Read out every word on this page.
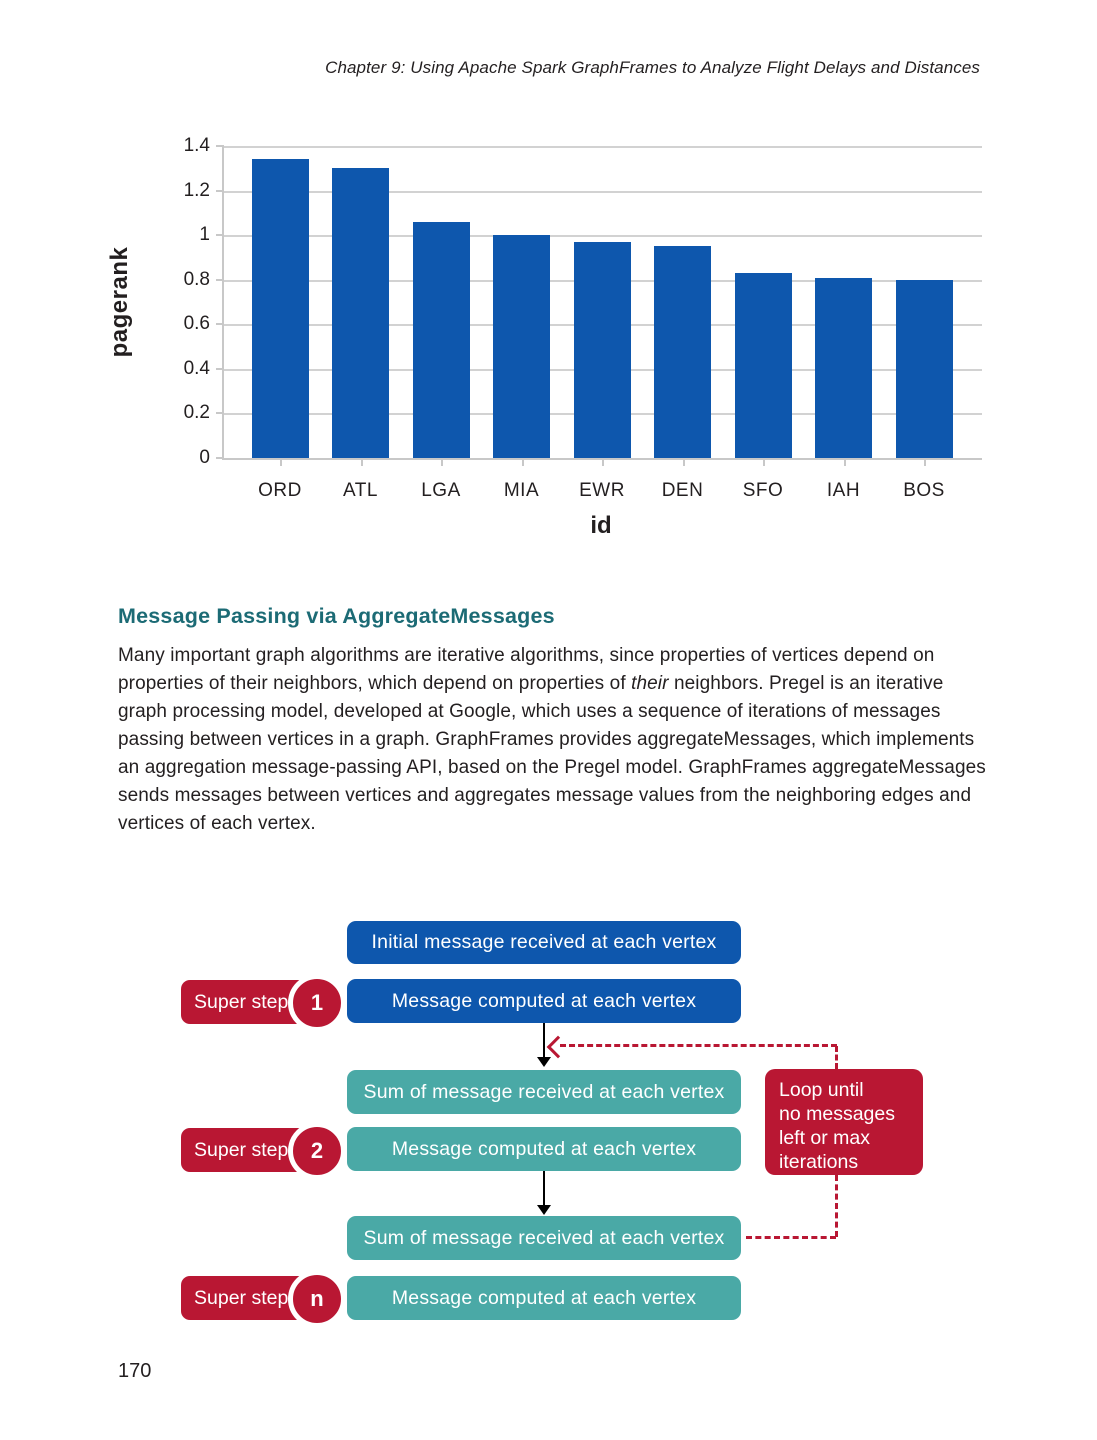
Chapter 9: Using Apache Spark GraphFrames to Analyze Flight Delays and Distances
pagerank
0
0.2
0.4
0.6
0.8
1
1.2
1.4
ORD ATL LGA MIA EWR DEN SFO IAH BOS
id
Message Passing via AggregateMessages

Many important graph algorithms are iterative algorithms, since properties of vertices depend on properties of their neighbors, which depend on properties of their neighbors. Pregel is an iterative graph processing model, developed at Google, which uses a sequence of iterations of messages passing between vertices in a graph. GraphFrames provides aggregateMessages, which implements an aggregation message-passing API, based on the Pregel model. GraphFrames aggregateMessages sends messages between vertices and aggregates message values from the neighboring edges and vertices of each vertex.

Initial message received at each vertex
Super step	1	Message computed at each vertex
Sum of message received at each vertex	Loop until
no messages
left or max
iterations
Super step	2	Message computed at each vertex
Sum of message received at each vertex
Super step n	Message computed at each vertex
170
